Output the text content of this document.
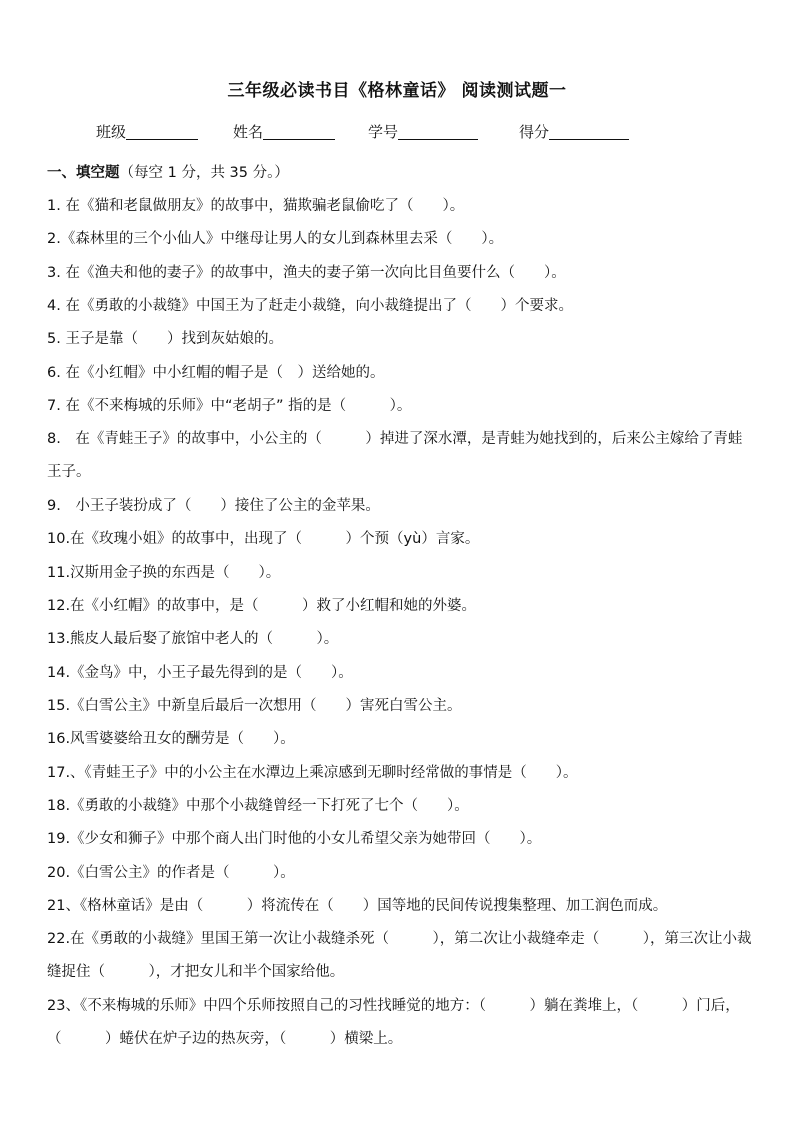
三年级必读书目《格林童话》 阅读测试题一
班级	姓名	学号	得分
一、填空题（每空 1 分，共 35 分。）
1. 在《猫和老鼠做朋友》的故事中，猫欺骗老鼠偷吃了（　　）。
2.《森林里的三个小仙人》中继母让男人的女儿到森林里去采（　　）。
3. 在《渔夫和他的妻子》的故事中，渔夫的妻子第一次向比目鱼要什么（　　）。
4. 在《勇敢的小裁缝》中国王为了赶走小裁缝，向小裁缝提出了（　　）个要求。
5. 王子是靠（　　）找到灰姑娘的。
6. 在《小红帽》中小红帽的帽子是（　）送给她的。
7. 在《不来梅城的乐师》中“老胡子” 指的是（　　　）。
8.　在《青蛙王子》的故事中，小公主的（　　　）掉进了深水潭，是青蛙为她找到的，后来公主嫁给了青蛙王子。
9.　小王子装扮成了（　　）接住了公主的金苹果。
10.在《玫瑰小姐》的故事中，出现了（　　　）个预（yù）言家。
11.汉斯用金子换的东西是（　　）。
12.在《小红帽》的故事中，是（　　　）救了小红帽和她的外婆。
13.熊皮人最后娶了旅馆中老人的（　　　）。
14.《金鸟》中，小王子最先得到的是（　　）。
15.《白雪公主》中新皇后最后一次想用（　　）害死白雪公主。
16.风雪婆婆给丑女的酬劳是（　　）。
17.、《青蛙王子》中的小公主在水潭边上乘凉感到无聊时经常做的事情是（　　）。
18.《勇敢的小裁缝》中那个小裁缝曾经一下打死了七个（　　）。
19.《少女和狮子》中那个商人出门时他的小女儿希望父亲为她带回（　　）。
20.《白雪公主》的作者是（　　　）。
21、《格林童话》是由（　　　）将流传在（　　）国等地的民间传说搜集整理、加工润色而成。
22.在《勇敢的小裁缝》里国王第一次让小裁缝杀死（　　　），第二次让小裁缝牵走（　　　），第三次让小裁缝捉住（　　　），才把女儿和半个国家给他。
23、《不来梅城的乐师》中四个乐师按照自己的习性找睡觉的地方：（　　　）躺在粪堆上，（　　　）门后，（　　　）蜷伏在炉子边的热灰旁，（　　　）横梁上。
